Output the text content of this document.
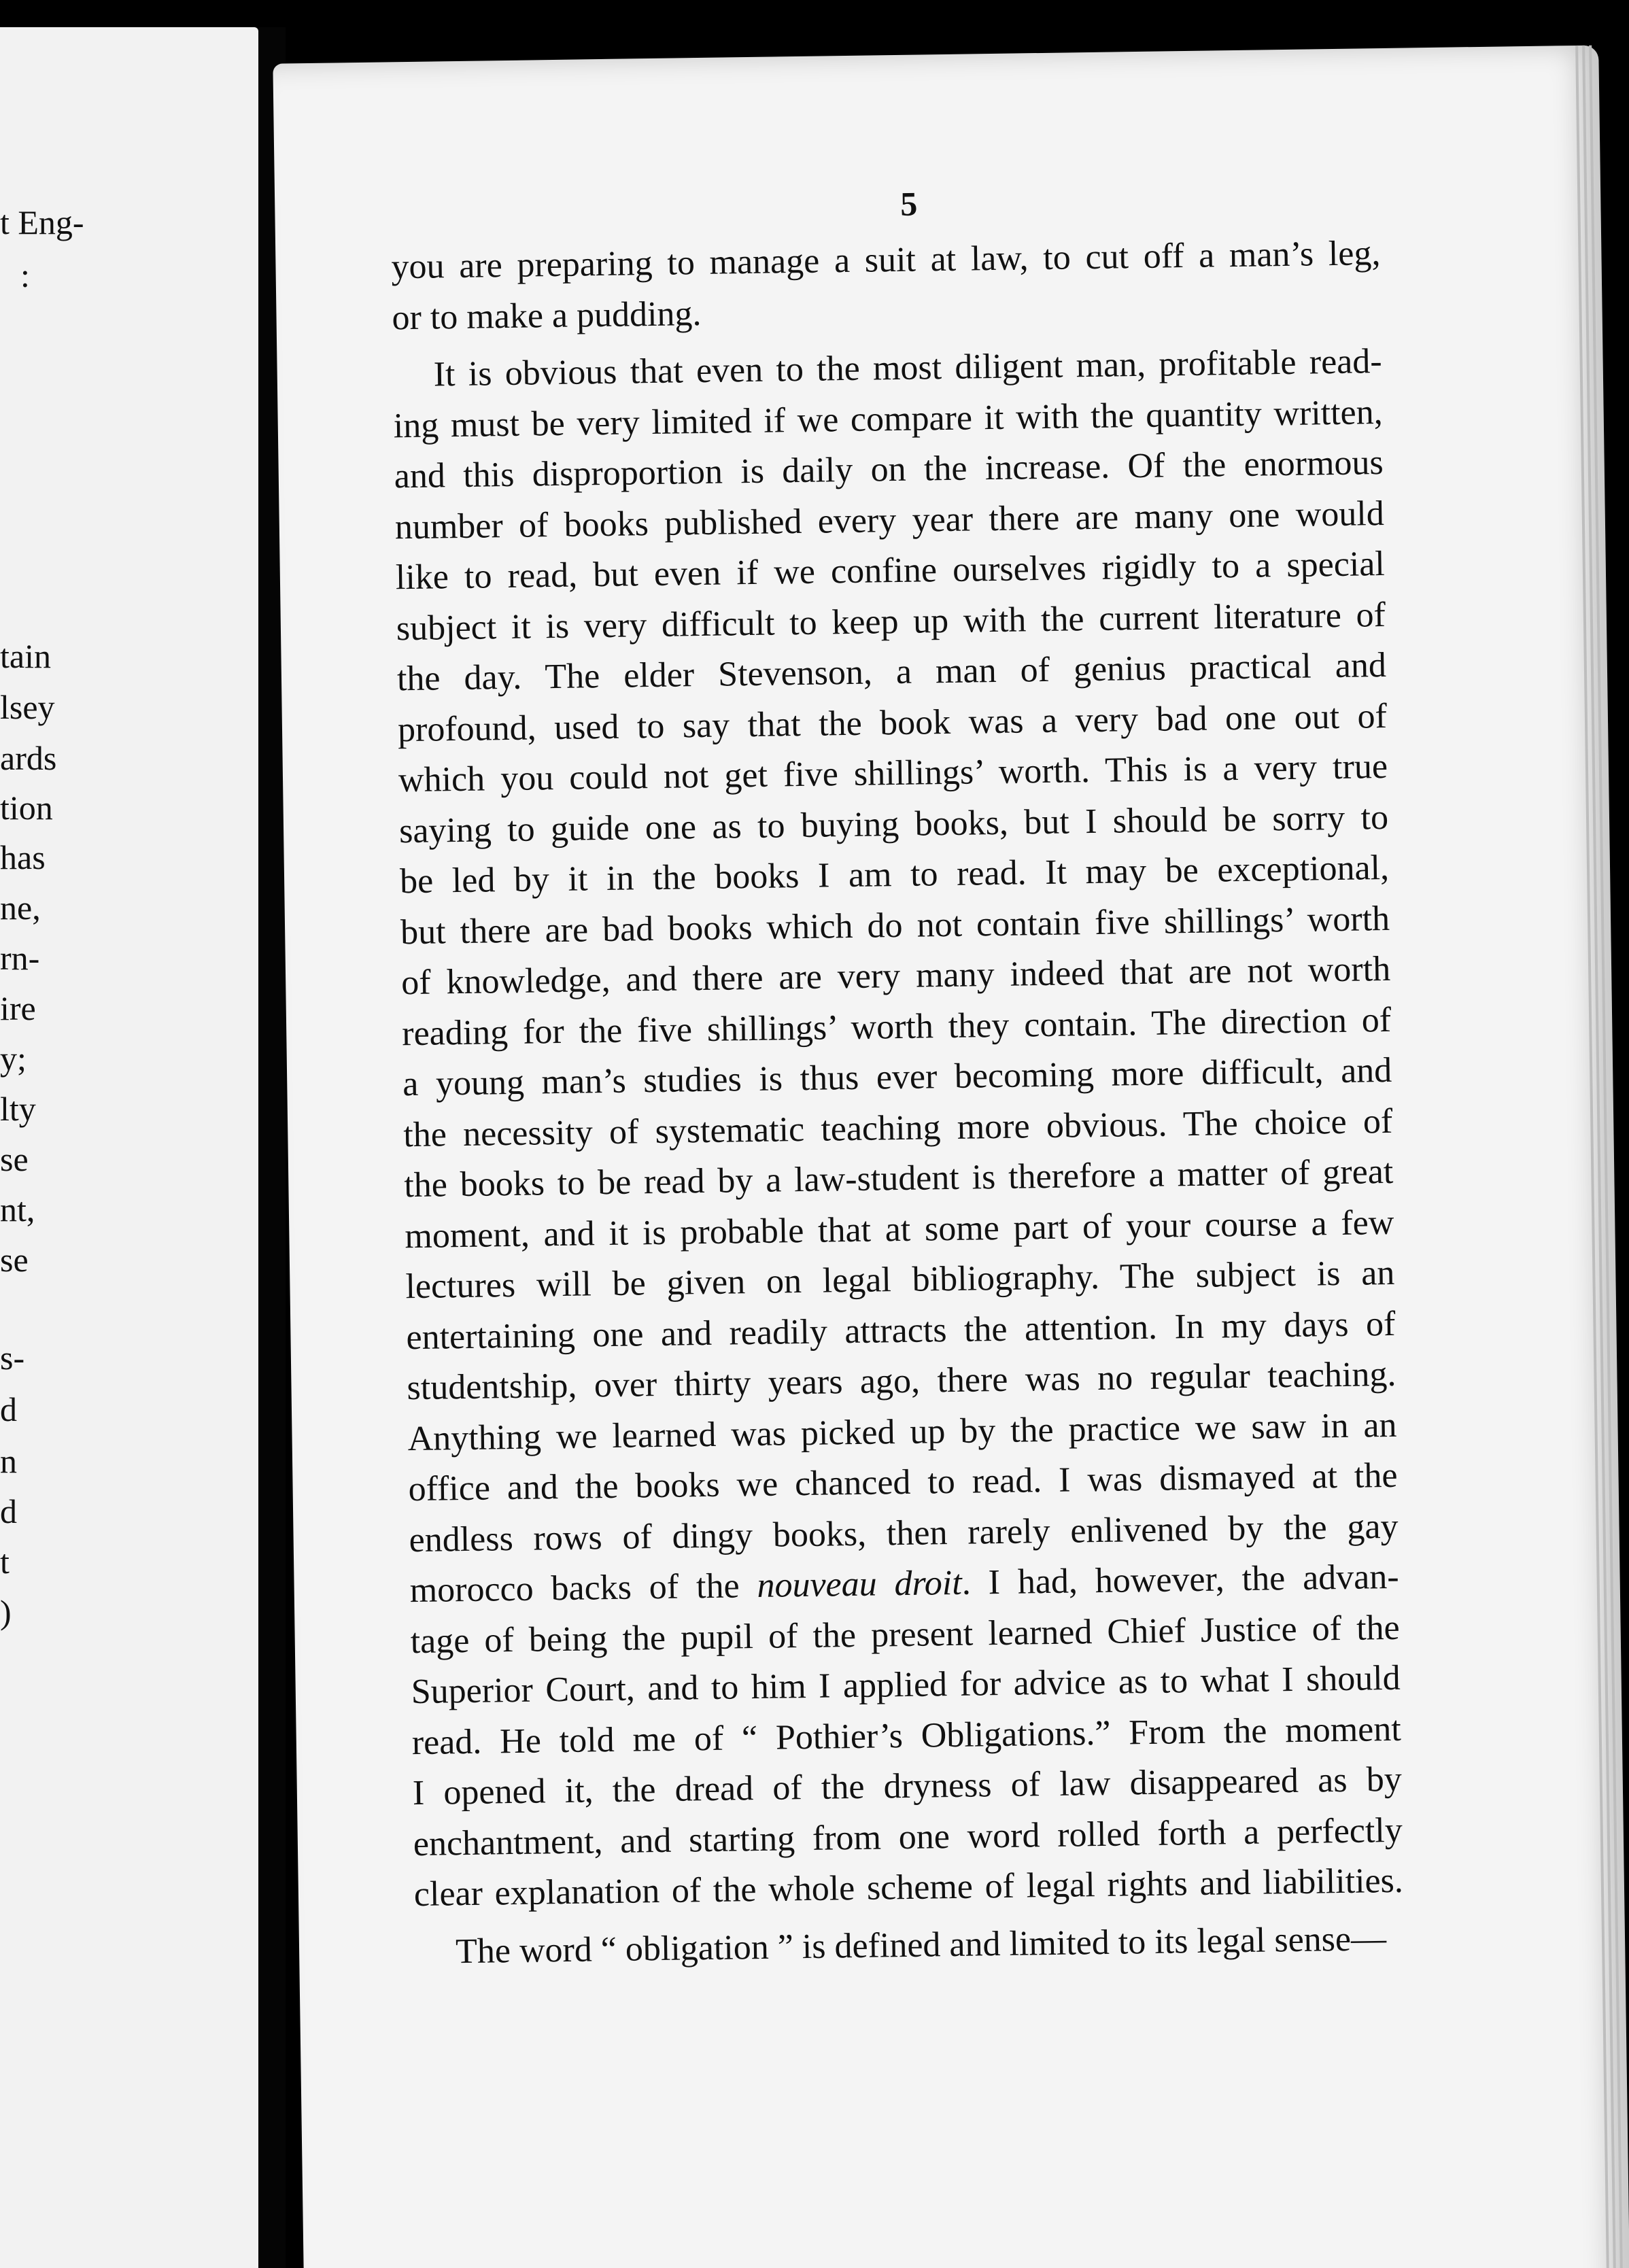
t Eng-
:
tain
lsey
ards
tion
has
ne,
rn-
ire
y;
lty
se
nt,
se
s-
d
n
d
t
)
5
you are preparing to manage a suit at law, to cut off a man’s leg,
or to make a pudding.
It is obvious that even to the most diligent man, profitable read-
ing must be very limited if we compare it with the quantity written,
and this disproportion is daily on the increase. Of the enormous
number of books published every year there are many one would
like to read, but even if we confine ourselves rigidly to a special
subject it is very difficult to keep up with the current literature of
the day. The elder Stevenson, a man of genius practical and
profound, used to say that the book was a very bad one out of
which you could not get five shillings’ worth. This is a very true
saying to guide one as to buying books, but I should be sorry to
be led by it in the books I am to read. It may be exceptional,
but there are bad books which do not contain five shillings’ worth
of knowledge, and there are very many indeed that are not worth
reading for the five shillings’ worth they contain. The direction of
a young man’s studies is thus ever becoming more difficult, and
the necessity of systematic teaching more obvious. The choice of
the books to be read by a law-student is therefore a matter of great
moment, and it is probable that at some part of your course a few
lectures will be given on legal bibliography. The subject is an
entertaining one and readily attracts the attention. In my days of
studentship, over thirty years ago, there was no regular teaching.
Anything we learned was picked up by the practice we saw in an
office and the books we chanced to read. I was dismayed at the
endless rows of dingy books, then rarely enlivened by the gay
morocco backs of the nouveau droit. I had, however, the advan-
tage of being the pupil of the present learned Chief Justice of the
Superior Court, and to him I applied for advice as to what I should
read. He told me of “ Pothier’s Obligations.” From the moment
I opened it, the dread of the dryness of law disappeared as by
enchantment, and starting from one word rolled forth a perfectly
clear explanation of the whole scheme of legal rights and liabilities.
The word “ obligation ” is defined and limited to its legal sense—
